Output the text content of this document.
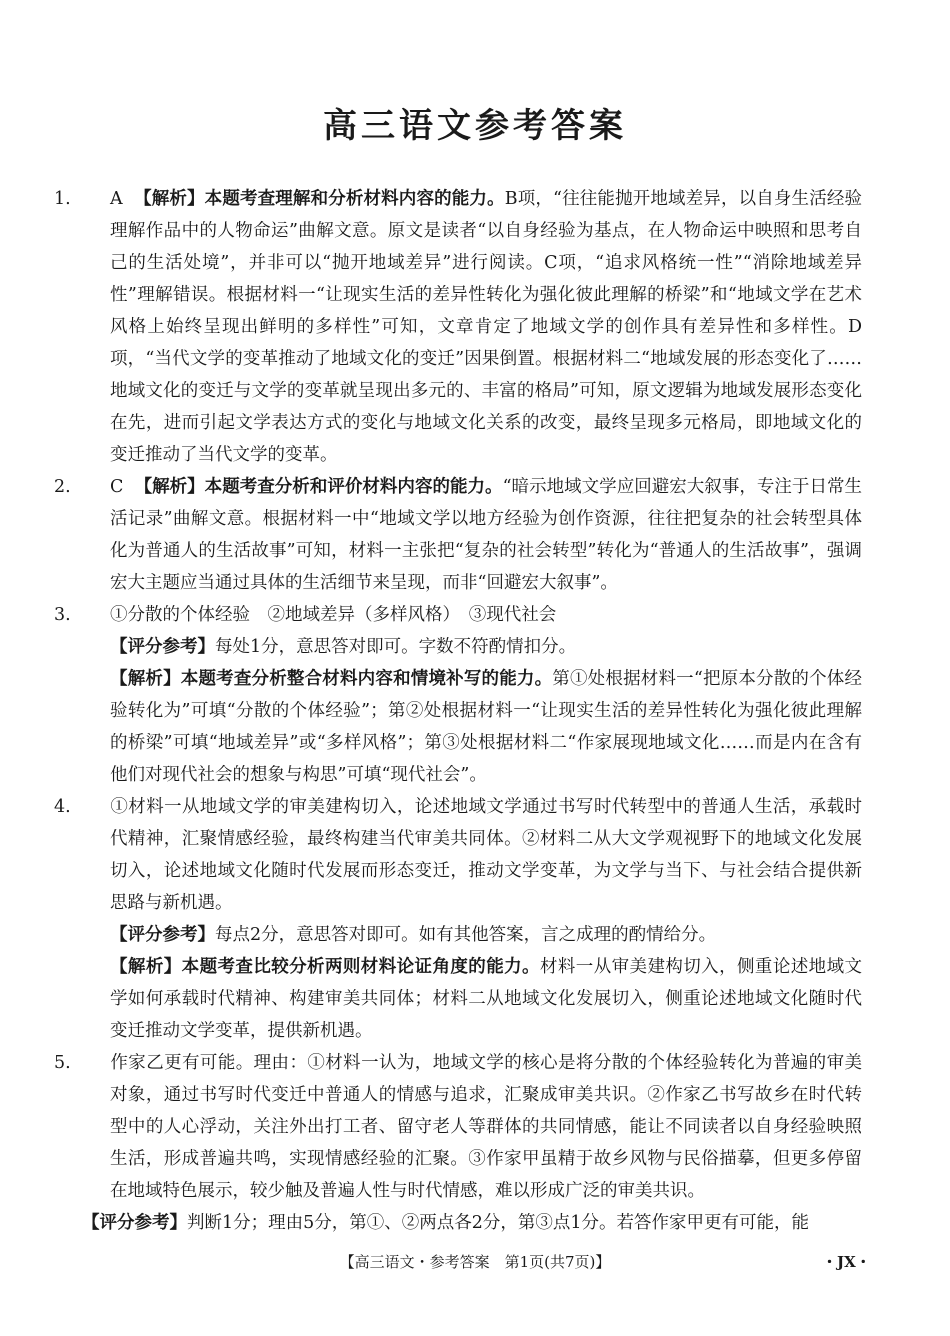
高三语文参考答案
1. A 【解析】本题考查理解和分析材料内容的能力。B项，“往往能抛开地域差异，以自身生活经验理解作品中的人物命运”曲解文意。原文是读者“以自身经验为基点，在人物命运中映照和思考自己的生活处境”，并非可以“抛开地域差异”进行阅读。C项，“追求风格统一性”“消除地域差异性”理解错误。根据材料一“让现实生活的差异性转化为强化彼此理解的桥梁”和“地域文学在艺术风格上始终呈现出鲜明的多样性”可知，文章肯定了地域文学的创作具有差异性和多样性。D项，“当代文学的变革推动了地域文化的变迁”因果倒置。根据材料二“地域发展的形态变化了……地域文化的变迁与文学的变革就呈现出多元的、丰富的格局”可知，原文逻辑为地域发展形态变化在先，进而引起文学表达方式的变化与地域文化关系的改变，最终呈现多元格局，即地域文化的变迁推动了当代文学的变革。
2. C 【解析】本题考查分析和评价材料内容的能力。“暗示地域文学应回避宏大叙事，专注于日常生活记录”曲解文意。根据材料一中“地域文学以地方经验为创作资源，往往把复杂的社会转型具体化为普通人的生活故事”可知，材料一主张把“复杂的社会转型”转化为“普通人的生活故事”，强调宏大主题应当通过具体的生活细节来呈现，而非“回避宏大叙事”。
3. ①分散的个体经验　②地域差异（多样风格）　③现代社会
【评分参考】每处1分，意思答对即可。字数不符酌情扣分。
【解析】本题考查分析整合材料内容和情境补写的能力。第①处根据材料一“把原本分散的个体经验转化为”可填“分散的个体经验”；第②处根据材料一“让现实生活的差异性转化为强化彼此理解的桥梁”可填“地域差异”或“多样风格”；第③处根据材料二“作家展现地域文化……而是内在含有他们对现代社会的想象与构思”可填“现代社会”。
4. ①材料一从地域文学的审美建构切入，论述地域文学通过书写时代转型中的普通人生活，承载时代精神，汇聚情感经验，最终构建当代审美共同体。②材料二从大文学观视野下的地域文化发展切入，论述地域文化随时代发展而形态变迁，推动文学变革，为文学与当下、与社会结合提供新思路与新机遇。
【评分参考】每点2分，意思答对即可。如有其他答案，言之成理的酌情给分。
【解析】本题考查比较分析两则材料论证角度的能力。材料一从审美建构切入，侧重论述地域文学如何承载时代精神、构建审美共同体；材料二从地域文化发展切入，侧重论述地域文化随时代变迁推动文学变革，提供新机遇。
5. 作家乙更有可能。理由：①材料一认为，地域文学的核心是将分散的个体经验转化为普遍的审美对象，通过书写时代变迁中普通人的情感与追求，汇聚成审美共识。②作家乙书写故乡在时代转型中的人心浮动，关注外出打工者、留守老人等群体的共同情感，能让不同读者以自身经验映照生活，形成普遍共鸣，实现情感经验的汇聚。③作家甲虽精于故乡风物与民俗描摹，但更多停留在地域特色展示，较少触及普遍人性与时代情感，难以形成广泛的审美共识。
【评分参考】判断1分；理由5分，第①、②两点各2分，第③点1分。若答作家甲更有可能，能
【高三语文・参考答案　第1页(共7页)】	・JX・
